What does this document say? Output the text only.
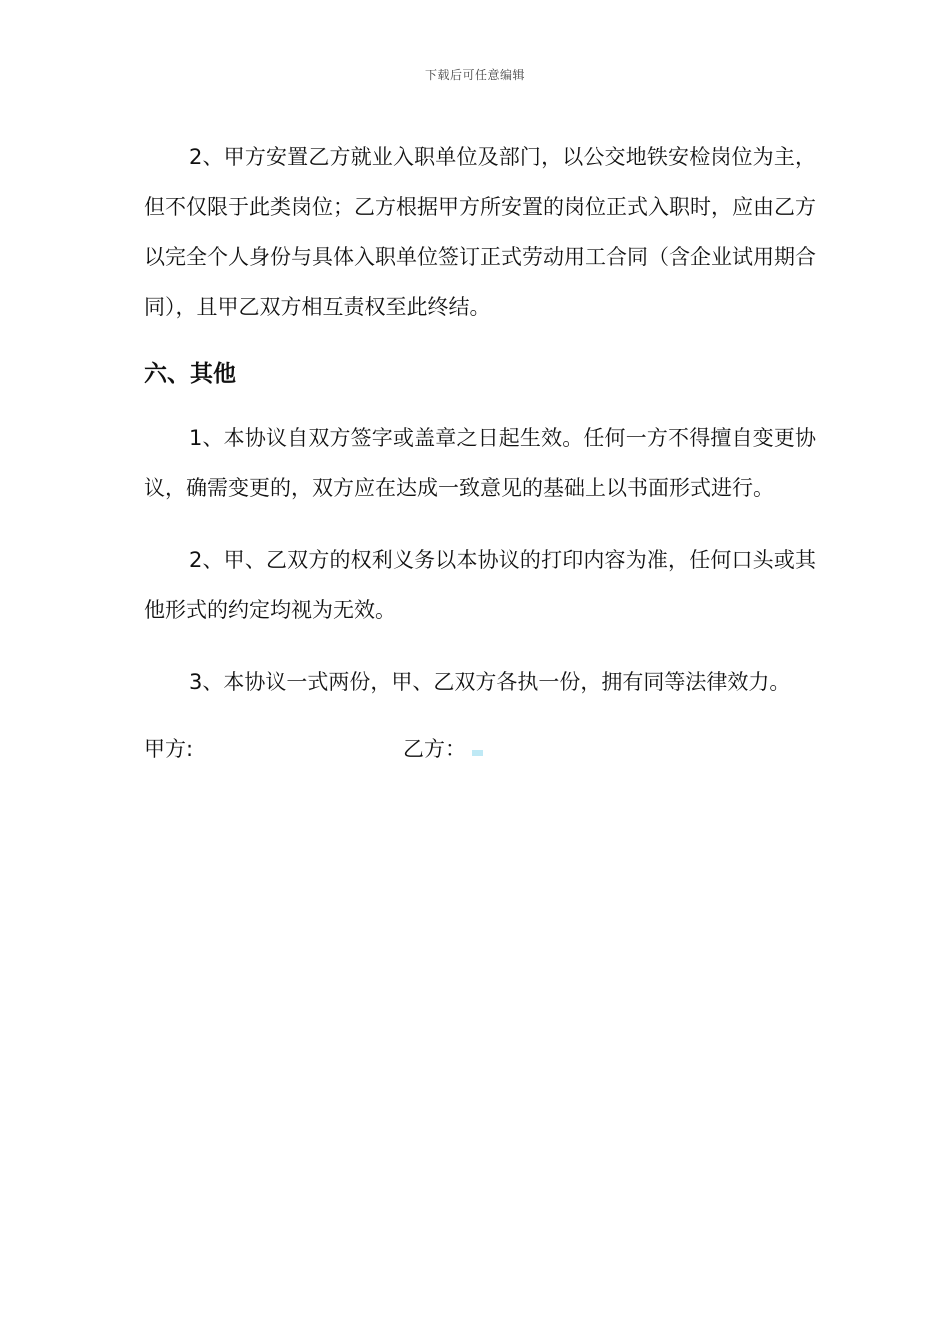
下载后可任意编辑

2、甲方安置乙方就业入职单位及部门，以公交地铁安检岗位为主，但不仅限于此类岗位；乙方根据甲方所安置的岗位正式入职时，应由乙方以完全个人身份与具体入职单位签订正式劳动用工合同（含企业试用期合同），且甲乙双方相互责权至此终结。

六、其他

1、本协议自双方签字或盖章之日起生效。任何一方不得擅自变更协议，确需变更的，双方应在达成一致意见的基础上以书面形式进行。

2、甲、乙双方的权利义务以本协议的打印内容为准，任何口头或其他形式的约定均视为无效。

3、本协议一式两份，甲、乙双方各执一份，拥有同等法律效力。

甲方:	乙方：
